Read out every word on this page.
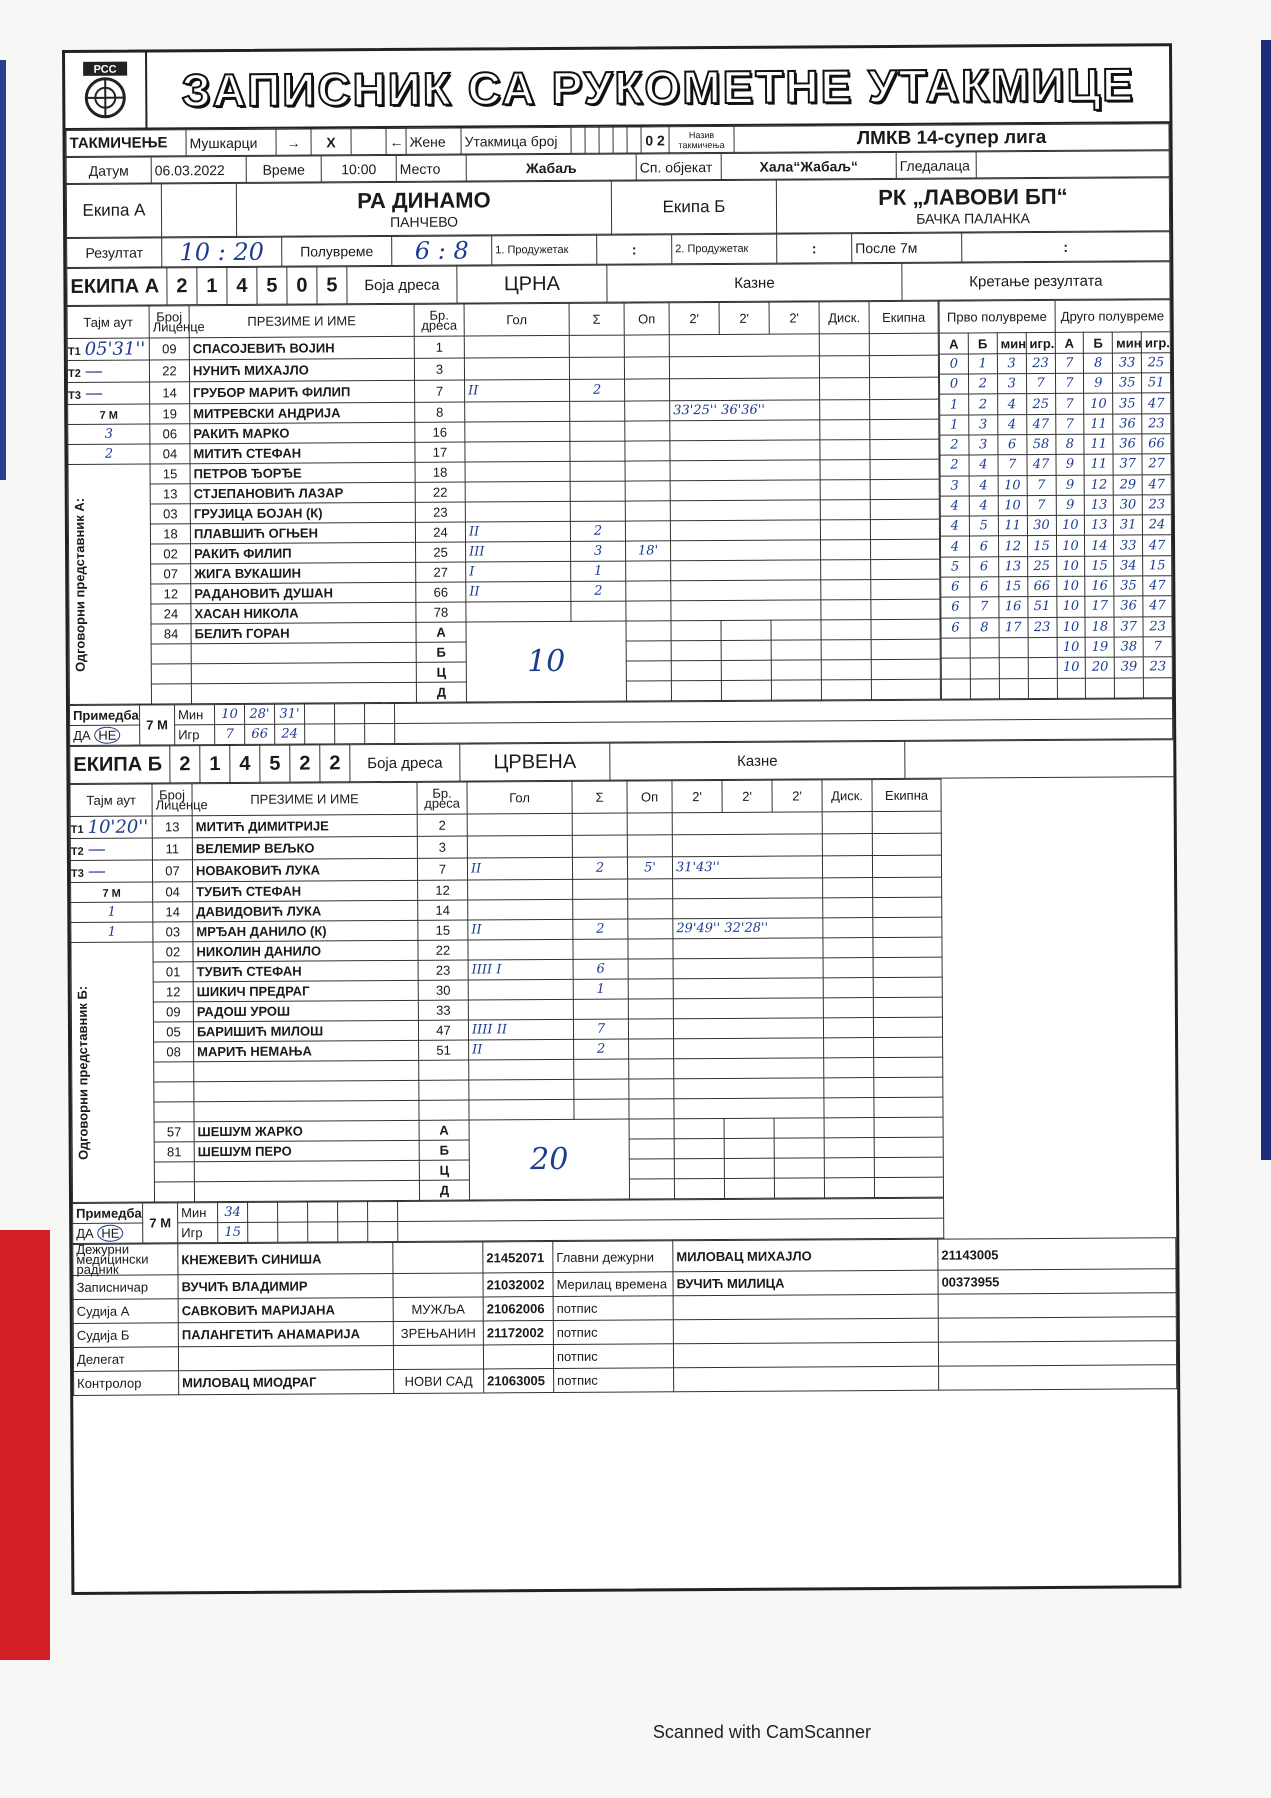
РСС	ЗАПИСНИК СА РУКОМЕТНЕ УТАКМИЦЕ
ТАКМИЧЕЊЕ	Мушкарци	→	X		←	Жене	Утакмица број						0 2	Назив такмичења	ЛМКВ 14-супер лига
Датум	06.03.2022	Време	10:00	Место	Жабаљ	Сп. објекат	Хала“Жабаљ“	Гледалаца	
Екипа А		РА ДИНАМО
ПАНЧЕВО
	Екипа Б	РК „ЛАВОВИ БП“
БАЧКА ПАЛАНКА
Резултат	10 : 20	Полувреме	6 : 8	1. Продужетак	:	2. Продужетак	:	После 7м	:
ЕКИПА А	2	1	4	5	0	5	Боја дреса	ЦРНА	Казне	Кретање резултата
Тајм аут	Број Лиценце	ПРЕЗИМЕ И ИМЕ	Бр. дреса	Гол	Σ	Оп	2'	2'	2'	Диск.	Екипна
Т1 05'31''	09	СПАСОЈЕВИЋ ВОЈИН	1								
Т2 —	22	НУНИЋ МИХАЈЛО	3								
Т3 —	14	ГРУБОР МАРИЋ ФИЛИП	7	II	2						
7 М	19	МИТРЕВСКИ АНДРИЈА	8				33'25'' 36'36''				
3	06	РАКИЋ МАРКО	16								
2	04	МИТИЋ СТЕФАН	17								

Одговорни представник А:	15	ПЕТРОВ ЂОРЂЕ	18								
	13	СТЈЕПАНОВИЋ ЛАЗАР	22								
	03	ГРУЈИЦА БОЈАН (К)	23								
	18	ПЛАВШИЋ ОГЊЕН	24	II	2						
	02	РАКИЋ ФИЛИП	25	III	3	18'					
	07	ЖИГА ВУКАШИН	27	I	1						
	12	РАДАНОВИЋ ДУШАН	66	II	2						
	24	ХАСАН НИКОЛА	78								
	84	БЕЛИЋ ГОРАН	А	10							
			Б								
			Ц								
			Д								
Прво полувреме				Друго полувреме			
А	Б	мин	игр.	А	Б	мин	игр.
0	1	3	23	7	8	33	25
0	2	3	7	7	9	35	51
1	2	4	25	7	10	35	47
1	3	4	47	7	11	36	23
2	3	6	58	8	11	36	66
2	4	7	47	9	11	37	27
3	4	10	7	9	12	29	47
4	4	10	7	9	13	30	23
4	5	11	30	10	13	31	24
4	6	12	15	10	14	33	47
5	6	13	25	10	15	34	15
6	6	15	66	10	16	35	47
6	7	16	51	10	17	36	47
6	8	17	23	10	18	37	23
				10	19	38	7
				10	20	39	23

Примедба	7 М	Мин	10	28'	31'				
ДА НЕ		Игр	7	66	24				
ЕКИПА Б	2	1	4	5	2	2	Боја дреса	ЦРВЕНА	Казне	
Тајм аут	Број Лиценце	ПРЕЗИМЕ И ИМЕ	Бр. дреса	Гол	Σ	Оп	2'	2'	2'	Диск.	Екипна
Т1 10'20''	13	МИТИЋ ДИМИТРИЈЕ	2								
Т2 —	11	ВЕЛЕМИР ВЕЉКО	3								
Т3 —	07	НОВАКОВИЋ ЛУКА	7	II	2	5'	31'43''				
7 М	04	ТУБИЋ СТЕФАН	12								
1	14	ДАВИДОВИЋ ЛУКА	14								
1	03	МРЂАН ДАНИЛО (К)	15	II	2		29'49'' 32'28''				

Одговорни представник Б:	02	НИКОЛИН ДАНИЛО	22								
	01	ТУВИЋ СТЕФАН	23	IIII I	6						
	12	ШИКИЧ ПРЕДРАГ	30		1						
	09	РАДОШ УРОШ	33								
	05	БАРИШИЋ МИЛОШ	47	IIII II	7						
	08	МАРИЋ НЕМАЊА	51	II	2						

	57	ШЕШУМ ЖАРКО	А	20							
	81	ШЕШУМ ПЕРО	Б								
			Ц								
			Д								
Примедба	7 М	Мин	34						
ДА НЕ		Игр	15						
Дежурни медицински радник	КНЕЖЕВИЋ СИНИША		21452071	Главни дежурни	МИЛОВАЦ МИХАЈЛО	21143005
Записничар	ВУЧИЋ ВЛАДИМИР		21032002	Мерилац времена	ВУЧИЋ МИЛИЦА	00373955
Судија А	САВКОВИЋ МАРИЈАНА	МУЖЉА	21062006	потпис		
Судија Б	ПАЛАНГЕТИЋ АНАМАРИЈА	ЗРЕЊАНИН	21172002	потпис		
Делегат				потпис		
Контролор	МИЛОВАЦ МИОДРАГ	НОВИ САД	21063005	потпис		
Scanned with CamScanner
